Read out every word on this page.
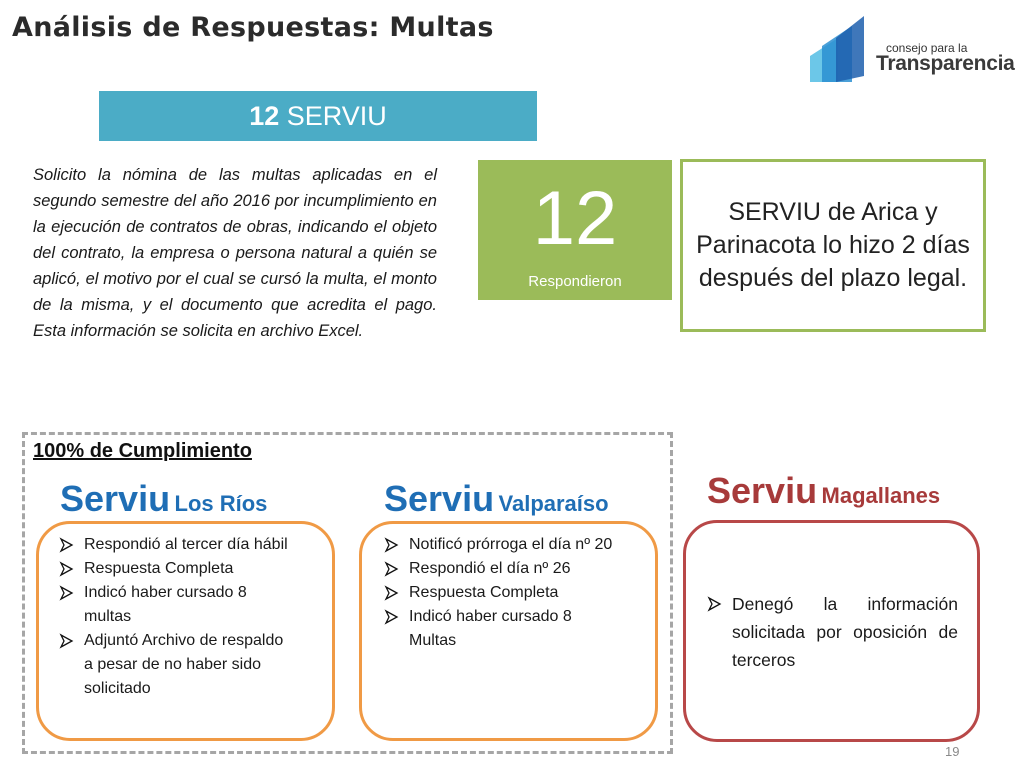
Análisis de Respuestas: Multas
consejo para la
Transparencia
12 SERVIU
Solicito la nómina de las multas aplicadas en el segundo semestre del año 2016 por incumplimiento en la ejecución de contratos de obras, indicando el objeto del contrato, la empresa o persona natural a quién se aplicó, el motivo por el cual se cursó la multa, el monto de la misma, y el documento que acredita el pago. Esta información se solicita en archivo Excel.
12
Respondieron
SERVIU de Arica y Parinacota lo hizo 2 días después del plazo legal.
100% de Cumplimiento
Serviu Los Ríos	Serviu Valparaíso	Serviu Magallanes
Respondió al tercer día hábil
Respuesta Completa
Indicó haber cursado 8 multas
Adjuntó Archivo de respaldo a pesar de no haber sido solicitado
Notificó prórroga el día nº 20
Respondió el día nº 26
Respuesta Completa
Indicó haber cursado 8 Multas
Denegó la información solicitada por oposición de terceros
19
